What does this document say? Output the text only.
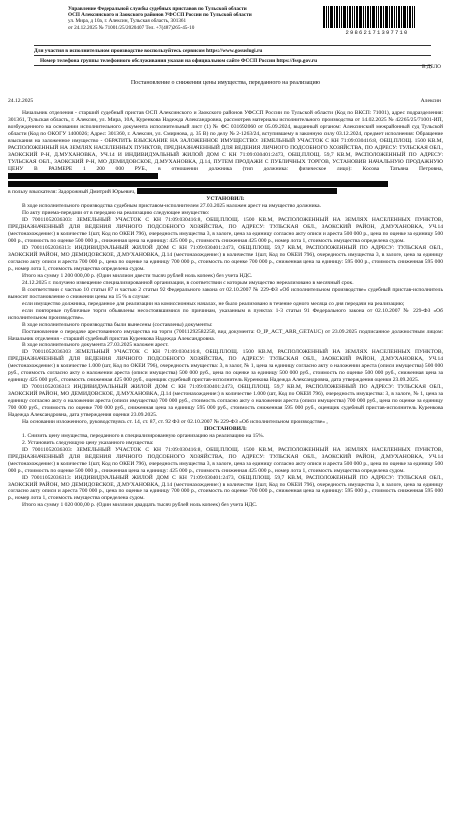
Управление Федеральной службы судебных приставов по Тульской области
ОСП Алексинского и Заокского районов УФССП России по Тульской области
ул. Мира, д 10а, г. Алексин, Тульская область, 301361
от 24.12.2025 № 71001/25/2020407 Тел. +7(487)265-45-10
29862171397710
Для участия в исполнительном производстве воспользуйтесь сервисом https://www.gosuslugi.ru
Номер телефона группы телефонного обслуживания указан на официальном сайте ФССП России https://fssp.gov.ru
В ДЕЛО
Постановление о снижении цены имущества, переданного на реализацию
24.12.2025	Алексин

Начальник отделения - старший судебный пристав ОСП Алексинского и Заокского районов УФССП России по Тульской области (Код по ВКСП: 71001), адрес подразделения: 301361, Тульская область, г. Алексин, ул. Мира, 10А, Куренкова Надежда Александровна, рассмотрев материалы исполнительного производства от 14.02.2025 № 42265/25/71001-ИП, возбужденного на основании исполнительного документа исполнительный лист (1) № ФС 031692060 от 05.09.2024, выданный органом: Алексинский межрайонный суд Тульской области (Код по ОКОГУ 1400026; Адрес: 301360, г. Алексин, ул. Смирнова, д. 35 В) по делу № 2-1263/24, вступившему в законную силу 03.12.2024, предмет исполнения: Обращение взыскания на заложенное имущество - ОБРАТИТЬ ВЗЫСКАНИЕ НА ЗАЛОЖЕННОЕ ИМУЩЕСТВО: ЗЕМЕЛЬНЫЙ УЧАСТОК С КН 71:09:030416:8, ОБЩ.ПЛОЩ. 1500 КВ.М, РАСПОЛОЖЕННЫЙ НА ЗЕМЛЯХ НАСЕЛЕННЫХ ПУНКТОВ, ПРЕДНАЗНАЧЕННЫЙ ДЛЯ ВЕДЕНИЯ ЛИЧНОГО ПОДСОБНОГО ХОЗЯЙСТВА, ПО АДРЕСУ: ТУЛЬСКАЯ ОБЛ., ЗАОКСКИЙ Р-Н, Д.МУХАНОВКА, УЧ.14 И ИНДИВИДУАЛЬНЫЙ ЖИЛОЙ ДОМ С КН 71:09:030401:2473, ОБЩ.ПЛОЩ. 59,7 КВ.М, РАСПОЛОЖЕННЫЙ ПО АДРЕСУ: ТУЛЬСКАЯ ОБЛ., ЗАОКСКИЙ Р-Н, МО ДЕМИДОВСКОЕ, Д.МУХАНОВКА, Д.14, ПУТЕМ ПРОДАЖИ С ПУБЛИЧНЫХ ТОРГОВ, УСТАНОВИВ НАЧАЛЬНУЮ ПРОДАЖНУЮ ЦЕНУ В РАЗМЕРЕ 1 200 000 РУБ., в отношении должника (тип должника: физическое лицо): Косова Татьяна Петровна,

в пользу взыскателя: Задорожный Дмитрий Юрьевич,

УСТАНОВИЛ:

В ходе исполнительного производства судебным приставом-исполнителем 27.03.2025 наложен арест на имущество должника.

По акту приема-передачи от в передано на реализацию следующее имущество:

ID 70011052036303: ЗЕМЕЛЬНЫЙ УЧАСТОК С КН 71:09:030416:8, ОБЩ.ПЛОЩ. 1500 КВ.М, РАСПОЛОЖЕННЫЙ НА ЗЕМЛЯХ НАСЕЛЕННЫХ ПУНКТОВ, ПРЕДНАЗНАЧЕННЫЙ ДЛЯ ВЕДЕНИЯ ЛИЧНОГО ПОДСОБНОГО ХОЗЯЙСТВА, ПО АДРЕСУ: ТУЛЬСКАЯ ОБЛ., ЗАОКСКИЙ РАЙОН, Д.МУХАНОВКА, УЧ.14 (местонахождение:) в количестве 1(шт, Код по ОКЕИ 796), очередность имущества 3, в залоге, цена за единицу согласно акту описи и ареста 500 000 р., цена по оценке за единицу 500 000 р., стоимость по оценке 500 000 р., сниженная цена за единицу: 425 000 р., стоимость сниженная 425 000 р., номер лота 1, стоимость имущества определена судом.

ID 70011052036313: ИНДИВИДУАЛЬНЫЙ ЖИЛОЙ ДОМ С КН 71:09:030401:2473, ОБЩ.ПЛОЩ. 59,7 КВ.М, РАСПОЛОЖЕННЫЙ ПО АДРЕСУ: ТУЛЬСКАЯ ОБЛ., ЗАОКСКИЙ РАЙОН, МО ДЕМИДОВСКОЕ, Д.МУХАНОВКА, Д.14 (местонахождение:) в количестве 1(шт, Код по ОКЕИ 796), очередность имущества 3, в залоге, цена за единицу согласно акту описи и ареста 700 000 р., цена по оценке за единицу 700 000 р., стоимость по оценке 700 000 р., сниженная цена за единицу: 595 000 р., стоимость сниженная 595 000 р., номер лота 1, стоимость имущества определена судом.

Итого на сумму 1 200 000,00 р. (Один миллион двести тысяч рублей ноль копеек) без учета НДС.

24.12.2025 г. получено извещение специализированной организации, в соответствии с которым имущество нереализовано в месячный срок.

В соответствии с частью 10 статьи 87 и частью 2 статьи 92 Федерального закона от 02.10.2007 № 229-ФЗ «Об исполнительном производстве» судебный пристав-исполнитель выносит постановление о снижении цены на 15 % в случае:

если имущество должника, переданное для реализации на комиссионных началах, не было реализовано в течение одного месяца со дня передачи на реализацию;

если повторные публичные торги объявлены несостоявшимися по причинам, указанным в пунктах 1-3 статьи 91 Федерального закона от 02.10.2007 № 229-ФЗ «Об исполнительном производстве».

В ходе исполнительного производства были вынесены (составлены) документы:

Постановление о передаче арестованного имущества на торги (70011292582258, вид документа: O_IP_ACT_ARR_GETAUC) от 23.09.2025 подписанное должностным лицом: Начальник отделения - старший судебный пристав Куренкова Надежда Александровна.

В ходе исполнительного документа 27.03.2025 наложен арест.

ID 70011052036303 ЗЕМЕЛЬНЫЙ УЧАСТОК С КН 71:09:030416:8, ОБЩ.ПЛОЩ. 1500 КВ.М, РАСПОЛОЖЕННЫЙ НА ЗЕМЛЯХ НАСЕЛЕННЫХ ПУНКТОВ, ПРЕДНАЗНАЧЕННЫЙ ДЛЯ ВЕДЕНИЯ ЛИЧНОГО ПОДСОБНОГО ХОЗЯЙСТВА, ПО АДРЕСУ: ТУЛЬСКАЯ ОБЛ., ЗАОКСКИЙ РАЙОН, Д.МУХАНОВКА, УЧ.14 (местонахождение:) в количестве 1.000 (шт, Код по ОКЕИ 796), очередность имущества: 3, в залог, № 1, цена за единицу согласно акту о наложении ареста (описи имущества) 500 000 руб., стоимость согласно акту о наложении ареста (описи имущества) 500 000 руб., цена по оценке за единицу 500 000 руб., стоимость по оценке 500 000 руб., сниженная цена за единицу 425 000 руб., стоимость сниженная 425 000 руб., оценщик судебный пристав-исполнитель Куренкова Надежда Александровна, дата утверждения оценки 23.09.2025.

ID 70011052036313 ИНДИВИДУАЛЬНЫЙ ЖИЛОЙ ДОМ С КН 71:09:030401:2473, ОБЩ.ПЛОЩ. 59,7 КВ.М, РАСПОЛОЖЕННЫЙ ПО АДРЕСУ: ТУЛЬСКАЯ ОБЛ., ЗАОКСКИЙ РАЙОН, МО ДЕМИДОВСКОЕ, Д.МУХАНОВКА, Д.14 (местонахождение:) в количестве 1.000 (шт, Код по ОКЕИ 796), очередность имущества: 3, в залоге, № 1, цена за единицу согласно акту о наложении ареста (описи имущества) 700 000 руб., стоимость согласно акту о наложении ареста (описи имущества) 700 000 руб., цена по оценке за единицу 700 000 руб., стоимость по оценке 700 000 руб., сниженная цена за единицу 595 000 руб., стоимость сниженная 595 000 руб., оценщик судебный пристав-исполнитель Куренкова Надежда Александровна, дата утверждения оценки 23.09.2025.

На основании изложенного, руководствуясь ст. 14, ст. 87, ст. 92 ФЗ от 02.10.2007 № 229-ФЗ «Об исполнительном производстве» ,

ПОСТАНОВИЛ:

1. Снизить цену имущества, переданного в специализированную организацию на реализацию на 15%.

2. Установить следующую цену указанного имущества:

ID 70011052036303: ЗЕМЕЛЬНЫЙ УЧАСТОК С КН 71:09:030416:8, ОБЩ.ПЛОЩ. 1500 КВ.М, РАСПОЛОЖЕННЫЙ НА ЗЕМЛЯХ НАСЕЛЕННЫХ ПУНКТОВ, ПРЕДНАЗНАЧЕННЫЙ ДЛЯ ВЕДЕНИЯ ЛИЧНОГО ПОДСОБНОГО ХОЗЯЙСТВА, ПО АДРЕСУ: ТУЛЬСКАЯ ОБЛ., ЗАОКСКИЙ РАЙОН, Д.МУХАНОВКА, УЧ.14 (местонахождение:) в количестве 1(шт, Код по ОКЕИ 796), очередность имущества 3, в залоге, цена за единицу согласно акту описи и ареста 500 000 р., цена по оценке за единицу 500 000 р., стоимость по оценке 500 000 р., сниженная цена за единицу: 425 000 р., стоимость сниженная 425 000 р., номер лота 1, стоимость имущества определена судом.

ID 70011052036313: ИНДИВИДУАЛЬНЫЙ ЖИЛОЙ ДОМ С КН 71:09:030401:2473, ОБЩ.ПЛОЩ. 59,7 КВ.М, РАСПОЛОЖЕННЫЙ ПО АДРЕСУ: ТУЛЬСКАЯ ОБЛ., ЗАОКСКИЙ РАЙОН, МО ДЕМИДОВСКОЕ, Д.МУХАНОВКА, Д.14 (местонахождение:) в количестве 1(шт, Код по ОКЕИ 796), очередность имущества 3, в залоге, цена за единицу согласно акту описи и ареста 700 000 р., цена по оценке за единицу 700 000 р., стоимость по оценке 700 000 р., сниженная цена за единицу: 595 000 р., стоимость сниженная 595 000 р., номер лота 1, стоимость имущества определена судом.

Итого на сумму 1 020 000,00 р. (Один миллион двадцать тысяч рублей ноль копеек) без учета НДС.
